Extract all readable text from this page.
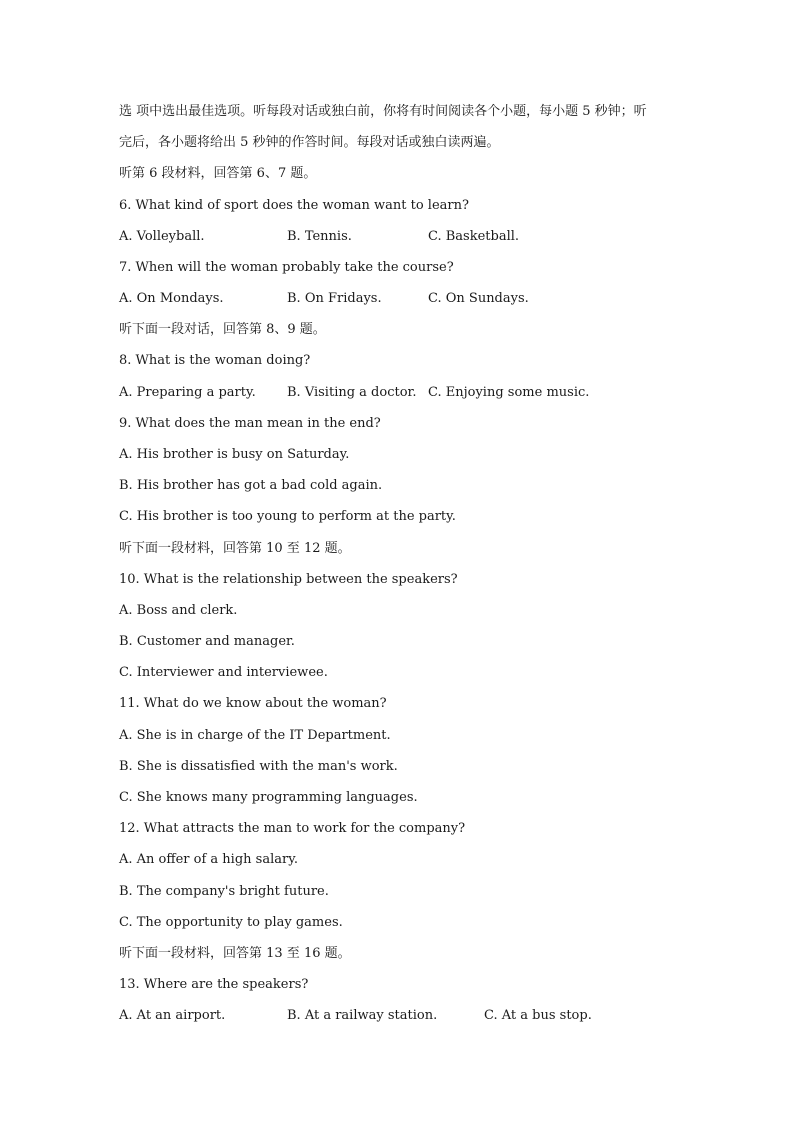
选 项中选出最佳选项。听每段对话或独白前，你将有时间阅读各个小题，每小题 5 秒钟；听
完后，各小题将给出 5 秒钟的作答时间。每段对话或独白读两遍。
听第 6 段材料，回答第 6、7 题。
6. What kind of sport does the woman want to learn?
A. Volleyball.	B. Tennis.	C. Basketball.
7. When will the woman probably take the course?
A. On Mondays.	B. On Fridays.	C. On Sundays.
听下面一段对话，回答第 8、9 题。
8. What is the woman doing?
A. Preparing a party. B. Visiting a doctor. C. Enjoying some music.
9. What does the man mean in the end?
A. His brother is busy on Saturday.
B. His brother has got a bad cold again.
C. His brother is too young to perform at the party.
听下面一段材料，回答第 10 至 12 题。
10. What is the relationship between the speakers?
A. Boss and clerk.
B. Customer and manager.
C. Interviewer and interviewee.
11. What do we know about the woman?
A. She is in charge of the IT Department.
B. She is dissatisfied with the man's work.
C. She knows many programming languages.
12. What attracts the man to work for the company?
A. An offer of a high salary.
B. The company's bright future.
C. The opportunity to play games.
听下面一段材料，回答第 13 至 16 题。
13. Where are the speakers?
A. At an airport.	B. At a railway station.	C. At a bus stop.
